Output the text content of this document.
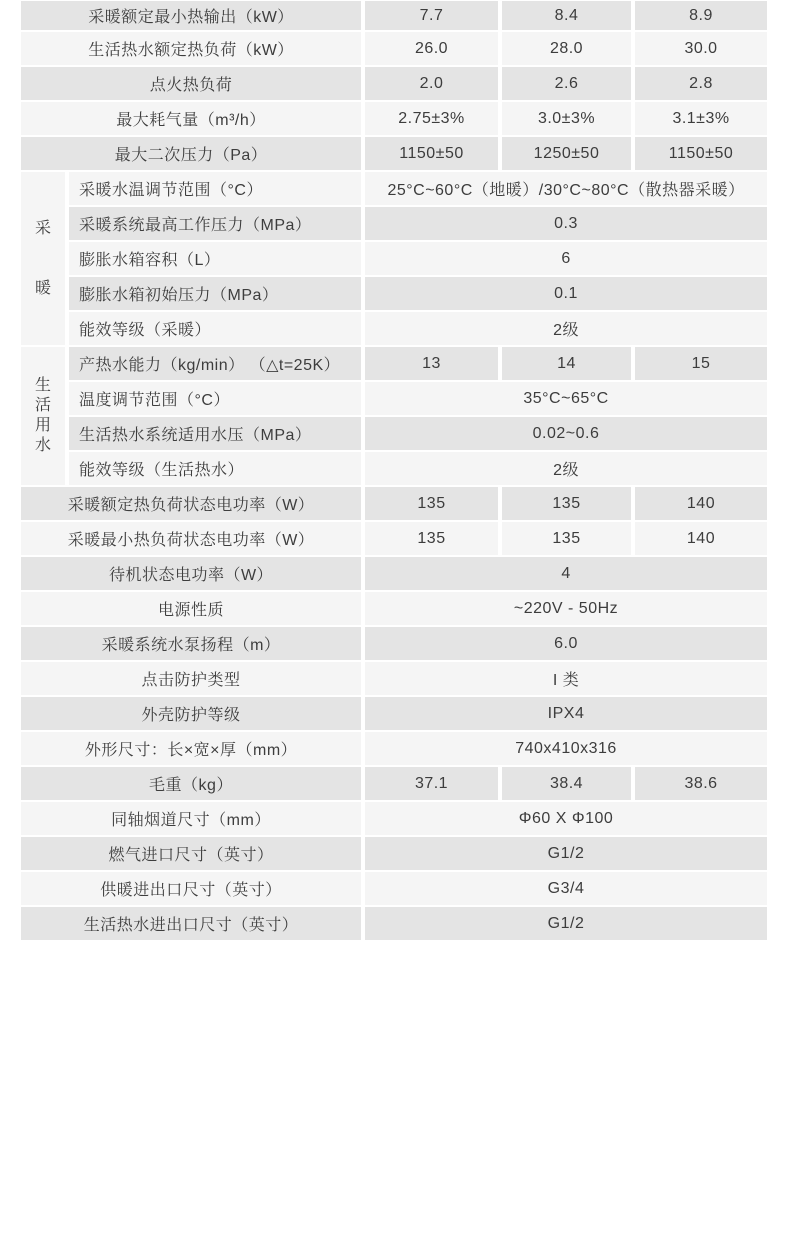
采暖额定最小热输出（kW）		7.7	8.4	8.9
生活热水额定热负荷（kW）		26.0	28.0	30.0
点火热负荷		2.0	2.6	2.8
最大耗气量（m³/h）		2.75±3%	3.0±3%	3.1±3%
最大二次压力（Pa）		1150±50	1250±50	1150±50

采暖	采暖水温调节范围（°C）	25°C~60°C（地暖）/30°C~80°C（散热器采暖）		
	采暖系统最高工作压力（MPa）	0.3		
	膨胀水箱容积（L）	6		
	膨胀水箱初始压力（MPa）	0.1		
	能效等级（采暖）	2级		

生活用水	产热水能力（kg/min） （△t=25K）	13	14	15
	温度调节范围（°C）	35°C~65°C		
	生活热水系统适用水压（MPa）	0.02~0.6		
	能效等级（生活热水）	2级		
采暖额定热负荷状态电功率（W）		135	135	140
采暖最小热负荷状态电功率（W）		135	135	140
待机状态电功率（W）		4		
电源性质		~220V - 50Hz		
采暖系统水泵扬程（m）		6.0		
点击防护类型		I 类		
外壳防护等级		IPX4		
外形尺寸：长×宽×厚（mm）		740x410x316		
毛重（kg）		37.1	38.4	38.6
同轴烟道尺寸（mm）		Φ60 X Φ100		
燃气进口尺寸（英寸）		G1/2		
供暖进出口尺寸（英寸）		G3/4		
生活热水进出口尺寸（英寸）		G1/2		
